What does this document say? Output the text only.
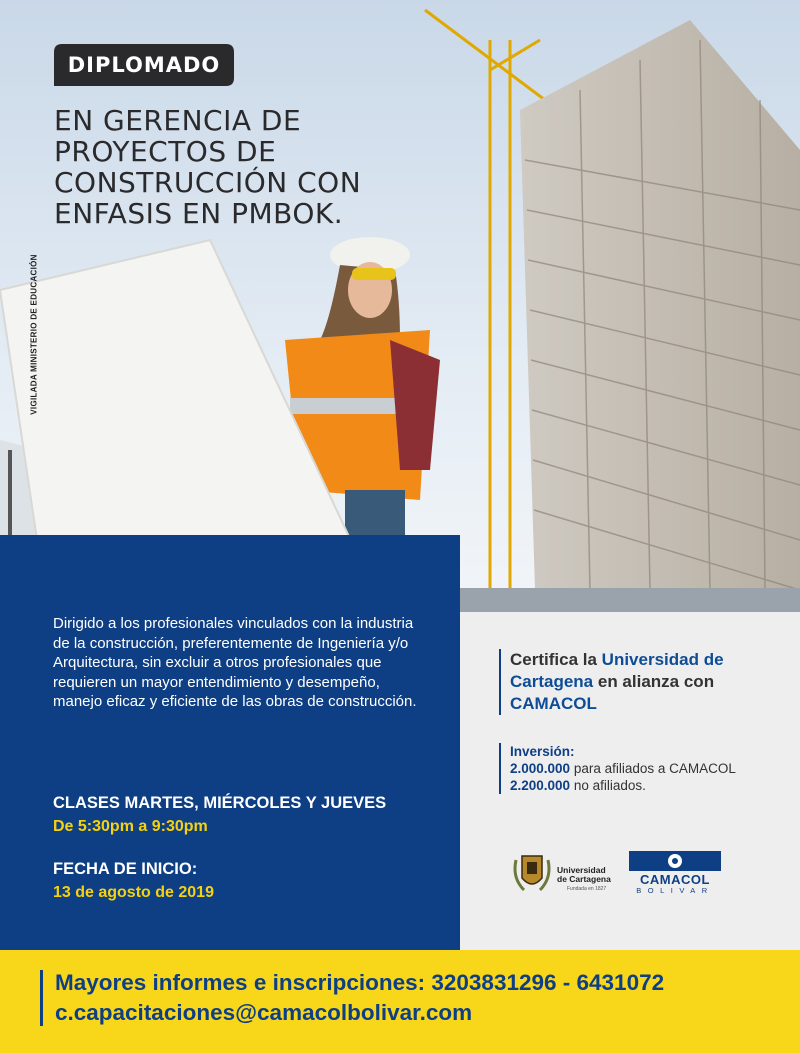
DIPLOMADO
EN GERENCIA DE
PROYECTOS DE
CONSTRUCCIÓN CON
ENFASIS EN PMBOK.
VIGILADA MINISTERIO DE EDUCACIÓN
Dirigido a los profesionales vinculados con la industria de la construcción, preferentemente de Ingeniería y/o Arquitectura, sin excluir a otros profesionales que requieren un mayor entendimiento y desempeño, manejo eficaz y eficiente de las obras de construcción.
CLASES MARTES, MIÉRCOLES Y JUEVES
De 5:30pm a 9:30pm
FECHA DE INICIO:
13 de agosto de 2019
Certifica la Universidad de Cartagena en alianza con CAMACOL
Inversión:
2.000.000 para afiliados a CAMACOL
2.200.000 no afiliados.
Universidad de Cartagena
Fundada en 1827
CAMACOL
BOLIVAR
Mayores informes e inscripciones: 3203831296 - 6431072
c.capacitaciones@camacolbolivar.com
